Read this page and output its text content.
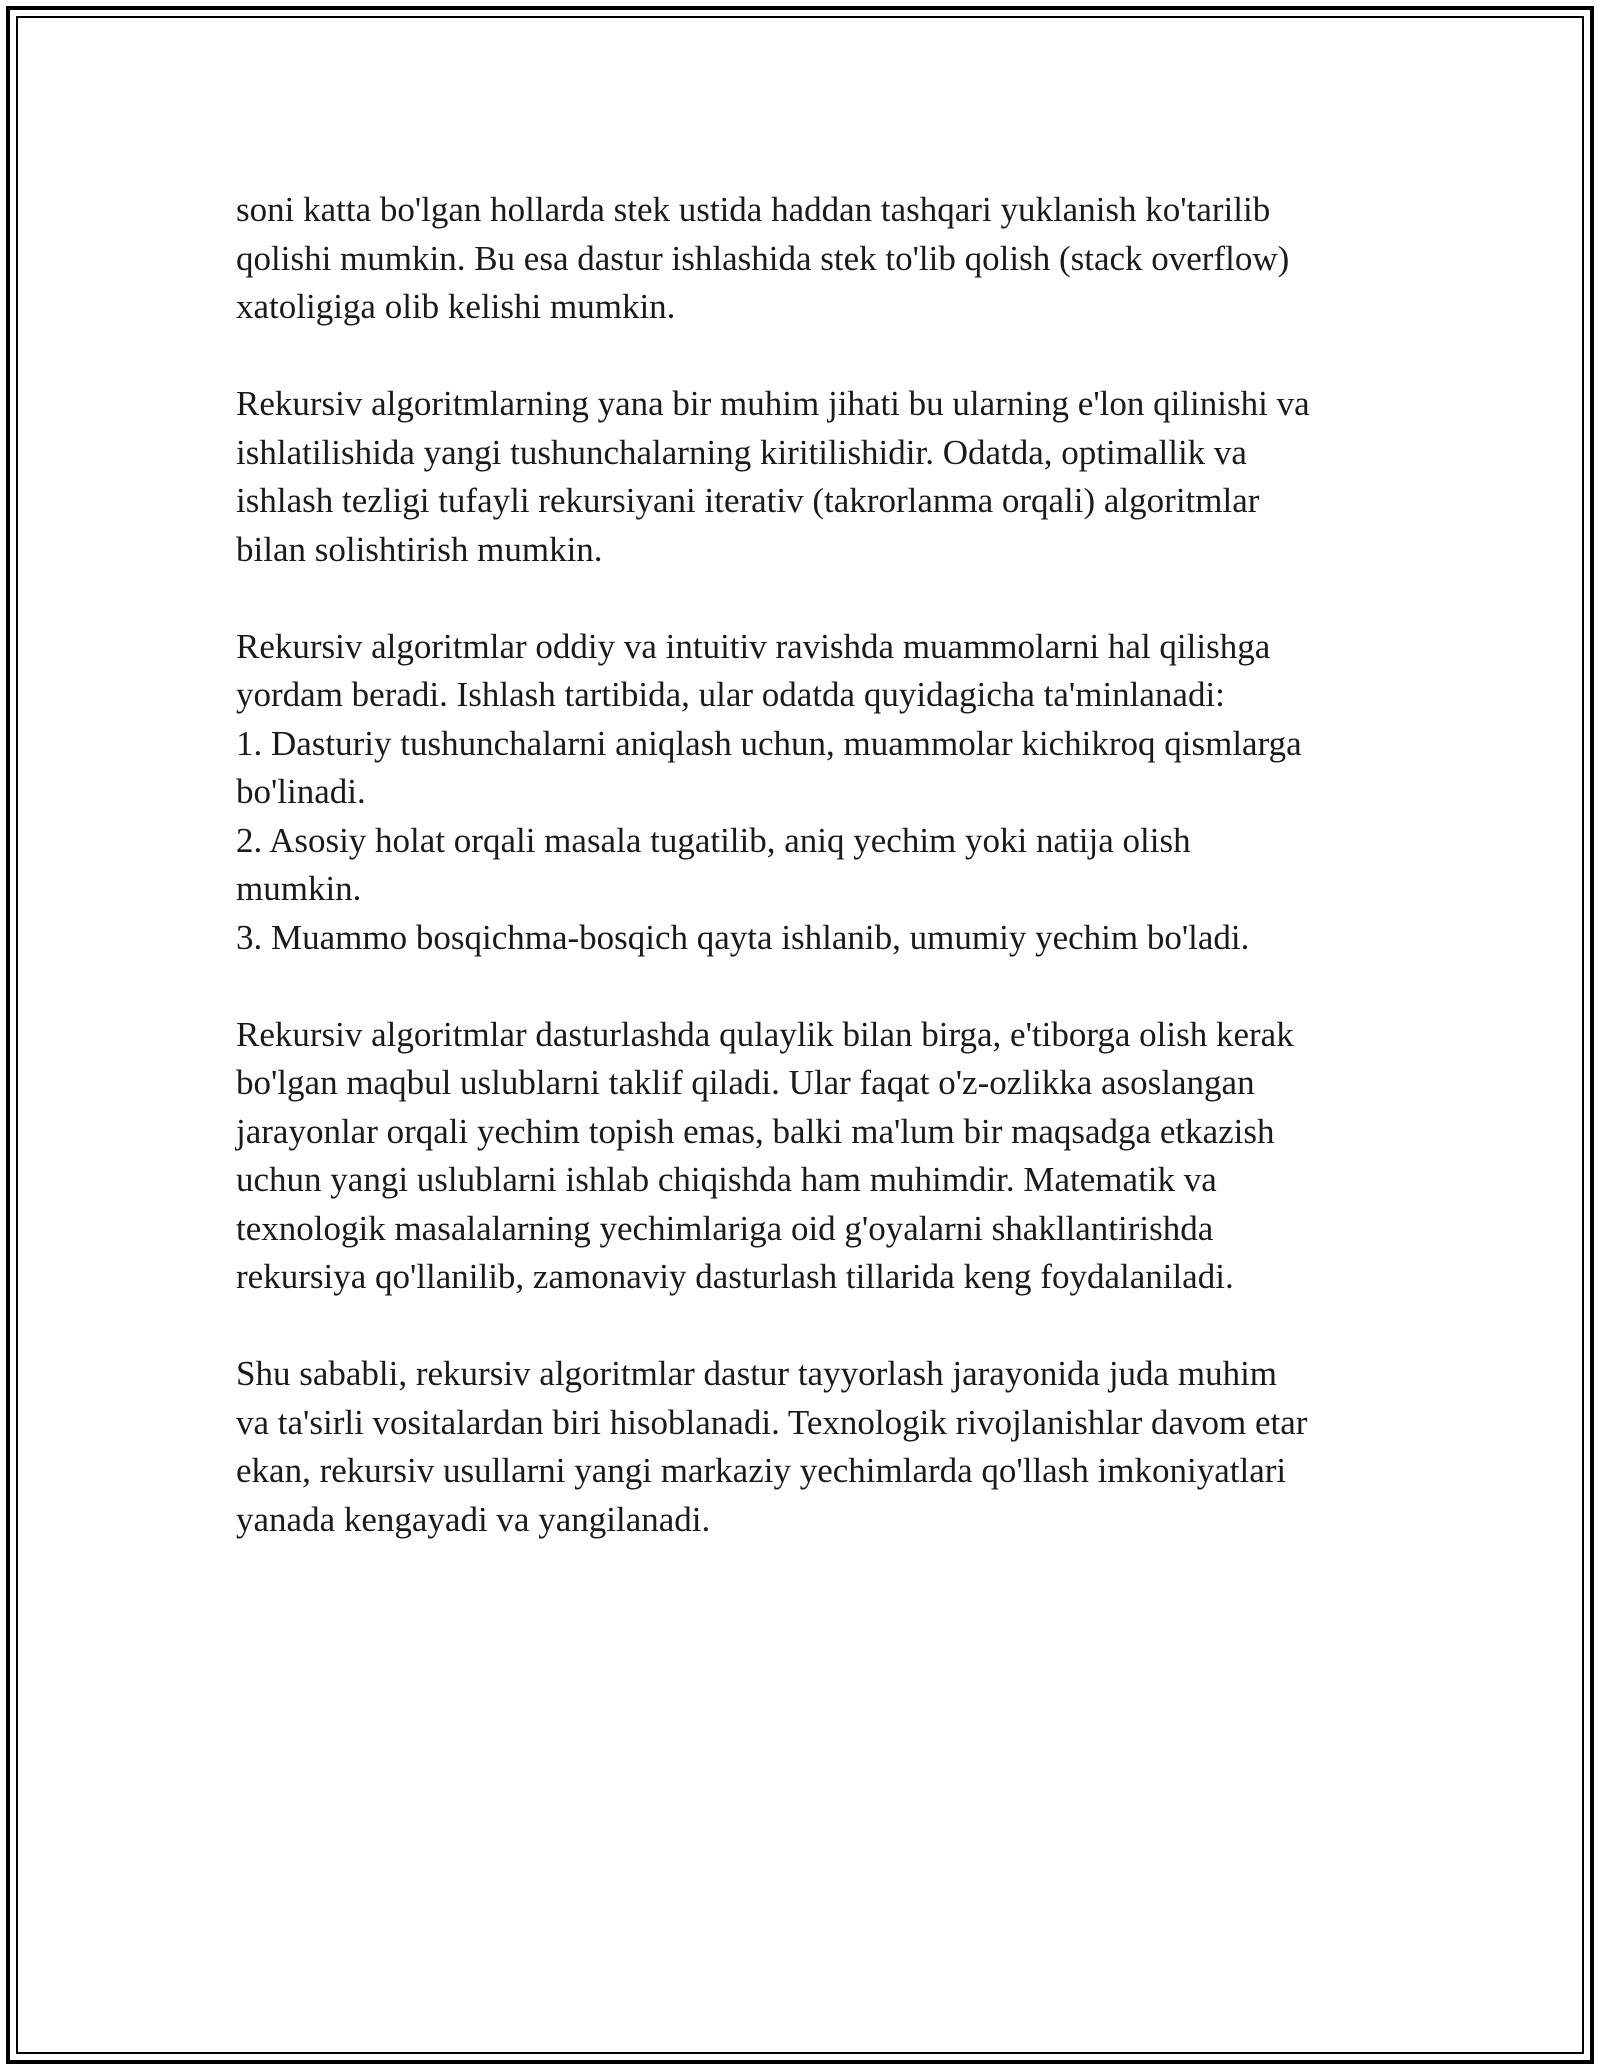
soni katta bo'lgan hollarda stek ustida haddan tashqari yuklanish ko'tarilib
qolishi mumkin. Bu esa dastur ishlashida stek to'lib qolish (stack overflow)
xatoligiga olib kelishi mumkin.

Rekursiv algoritmlarning yana bir muhim jihati bu ularning e'lon qilinishi va
ishlatilishida yangi tushunchalarning kiritilishidir. Odatda, optimallik va
ishlash tezligi tufayli rekursiyani iterativ (takrorlanma orqali) algoritmlar
bilan solishtirish mumkin.

Rekursiv algoritmlar oddiy va intuitiv ravishda muammolarni hal qilishga
yordam beradi. Ishlash tartibida, ular odatda quyidagicha ta'minlanadi:
1. Dasturiy tushunchalarni aniqlash uchun, muammolar kichikroq qismlarga
bo'linadi.
2. Asosiy holat orqali masala tugatilib, aniq yechim yoki natija olish
mumkin.
3. Muammo bosqichma-bosqich qayta ishlanib, umumiy yechim bo'ladi.

Rekursiv algoritmlar dasturlashda qulaylik bilan birga, e'tiborga olish kerak
bo'lgan maqbul uslublarni taklif qiladi. Ular faqat o'z-ozlikka asoslangan
jarayonlar orqali yechim topish emas, balki ma'lum bir maqsadga etkazish
uchun yangi uslublarni ishlab chiqishda ham muhimdir. Matematik va
texnologik masalalarning yechimlariga oid g'oyalarni shakllantirishda
rekursiya qo'llanilib, zamonaviy dasturlash tillarida keng foydalaniladi.

Shu sababli, rekursiv algoritmlar dastur tayyorlash jarayonida juda muhim
va ta'sirli vositalardan biri hisoblanadi. Texnologik rivojlanishlar davom etar
ekan, rekursiv usullarni yangi markaziy yechimlarda qo'llash imkoniyatlari
yanada kengayadi va yangilanadi.
